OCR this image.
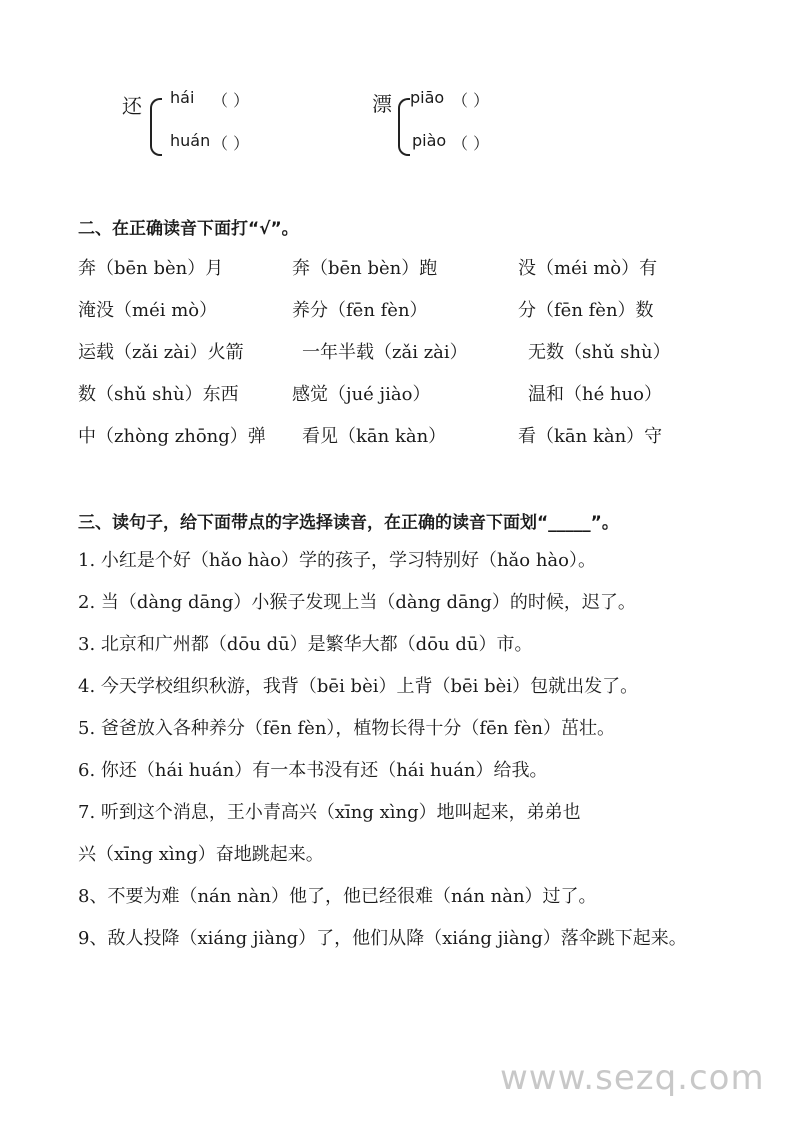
还 hái （ ）
huán （ ）
漂 piāo （ ）
piào （ ）
二、在正确读音下面打“√”。
奔（bēn bèn）月	奔（bēn bèn）跑	没（méi mò）有
淹没（méi mò）	养分（fēn fèn）	分（fēn fèn）数
运载（zǎi zài）火箭	一年半载（zǎi zài）	无数（shǔ shù）
数（shǔ shù）东西	感觉（jué jiào）	温和（hé huo）
中（zhòng zhōng）弹 看见（kān kàn）	看（kān kàn）守
三、读句子，给下面带点的字选择读音，在正确的读音下面划“_____”。
1. 小红是个好（hǎo hào）学的孩子，学习特别好（hǎo hào）。
2. 当（dàng dāng）小猴子发现上当（dàng dāng）的时候，迟了。
3. 北京和广州都（dōu dū）是繁华大都（dōu dū）市。
4. 今天学校组织秋游，我背（bēi bèi）上背（bēi bèi）包就出发了。
5. 爸爸放入各种养分（fēn fèn），植物长得十分（fēn fèn）茁壮。
6. 你还（hái huán）有一本书没有还（hái huán）给我。
7. 听到这个消息，王小青高兴（xīng xìng）地叫起来，弟弟也
兴（xīng xìng）奋地跳起来。
8、不要为难（nán nàn）他了，他已经很难（nán nàn）过了。
9、敌人投降（xiáng jiàng）了，他们从降（xiáng jiàng）落伞跳下起来。
www.sezq.com
